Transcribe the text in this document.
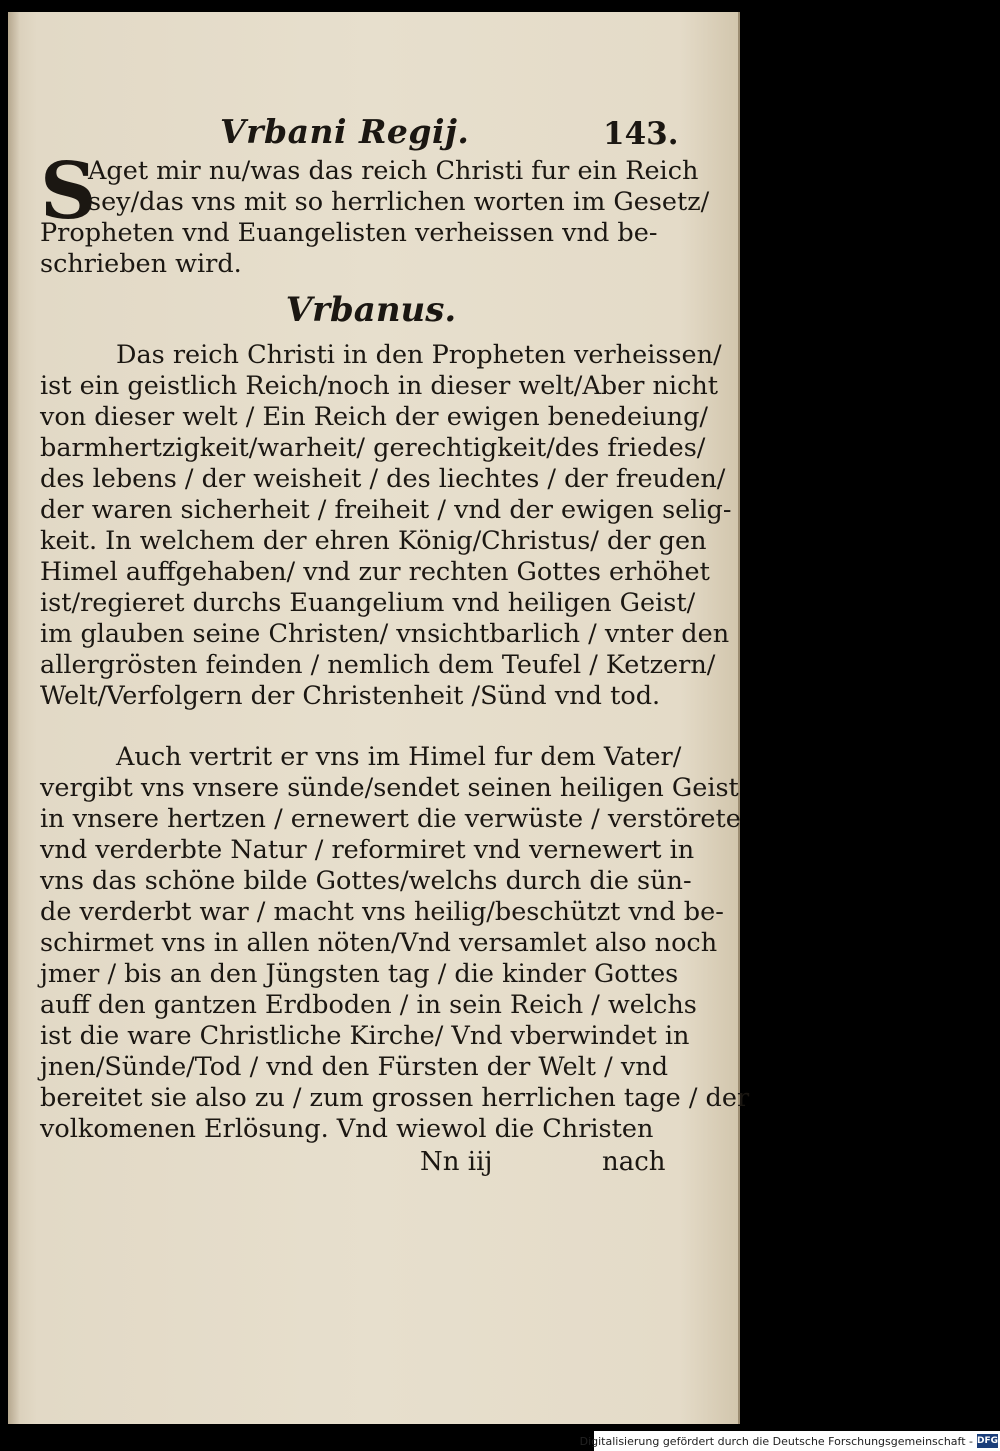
Vrbani Regij.	143.
S
Aget mir nu/was das reich Christi fur ein Reich
sey/das vns mit so herrlichen worten im Gesetz/
Propheten vnd Euangelisten verheissen vnd be-
schrieben wird.
Vrbanus.
Das reich Christi in den Propheten verheissen/
ist ein geistlich Reich/noch in dieser welt/Aber nicht
von dieser welt / Ein Reich der ewigen benedeiung/
barmhertzigkeit/warheit/ gerechtigkeit/des friedes/
des lebens / der weisheit / des liechtes / der freuden/
der waren sicherheit / freiheit / vnd der ewigen selig-
keit. In welchem der ehren König/Christus/ der gen
Himel auffgehaben/ vnd zur rechten Gottes erhöhet
ist/regieret durchs Euangelium vnd heiligen Geist/
im glauben seine Christen/ vnsichtbarlich / vnter den
allergrösten feinden / nemlich dem Teufel / Ketzern/
Welt/Verfolgern der Christenheit /Sünd vnd tod.
Auch vertrit er vns im Himel fur dem Vater/
vergibt vns vnsere sünde/sendet seinen heiligen Geist
in vnsere hertzen / ernewert die verwüste / verstörete
vnd verderbte Natur / reformiret vnd vernewert in
vns das schöne bilde Gottes/welchs durch die sün-
de verderbt war / macht vns heilig/beschützt vnd be-
schirmet vns in allen nöten/Vnd versamlet also noch
jmer / bis an den Jüngsten tag / die kinder Gottes
auff den gantzen Erdboden / in sein Reich / welchs
ist die ware Christliche Kirche/ Vnd vberwindet in
jnen/Sünde/Tod / vnd den Fürsten der Welt / vnd
bereitet sie also zu / zum grossen herrlichen tage / der
volkomenen Erlösung. Vnd wiewol die Christen
Nn iij	nach
Digitalisierung gefördert durch die Deutsche Forschungsgemeinschaft - DFG
